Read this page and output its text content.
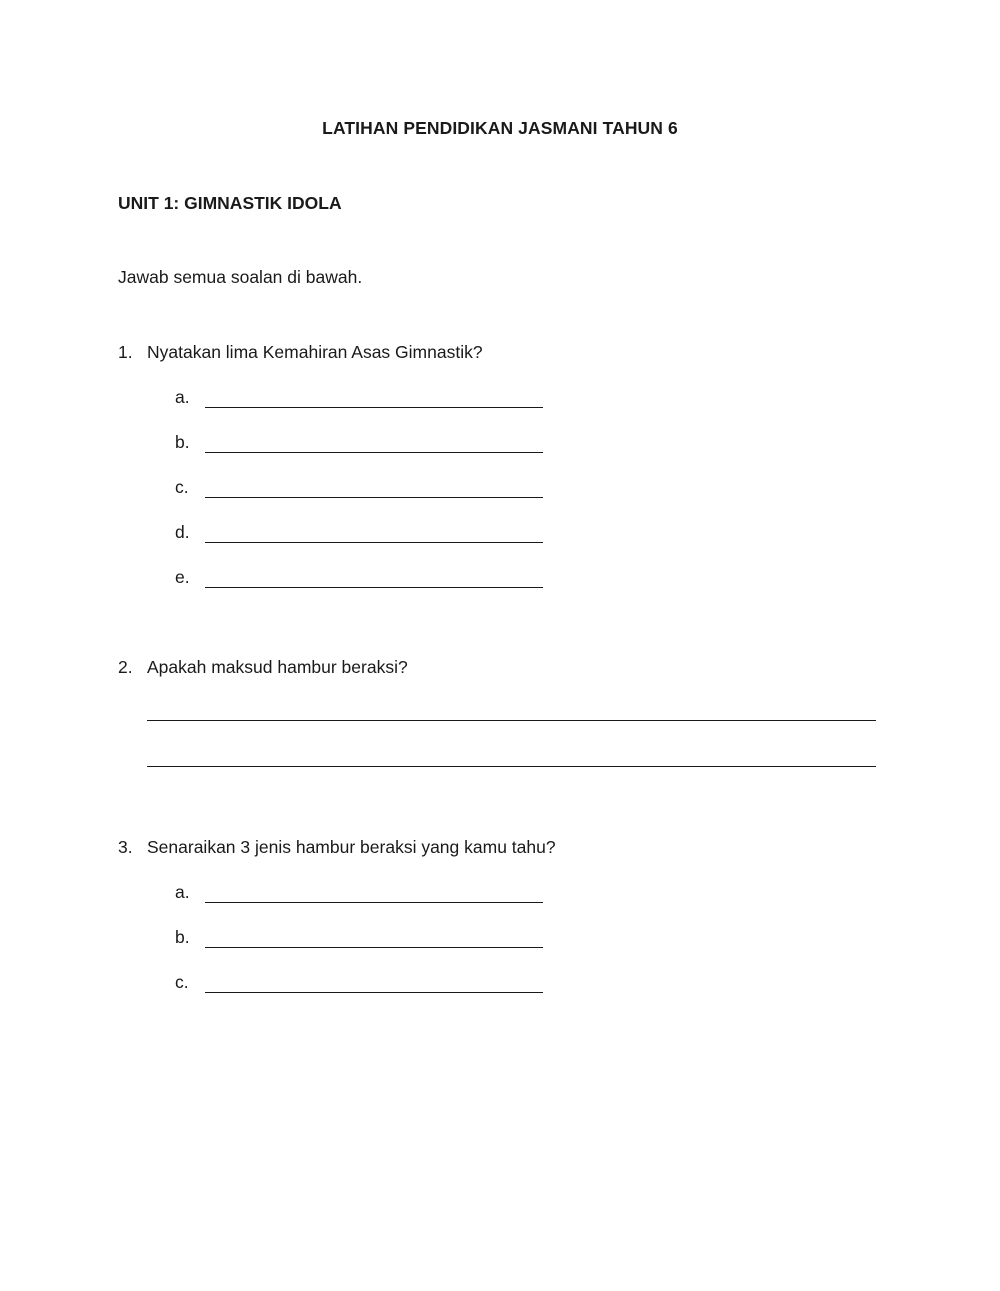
LATIHAN PENDIDIKAN JASMANI TAHUN 6
UNIT 1: GIMNASTIK IDOLA
Jawab semua soalan di bawah.
1. Nyatakan lima Kemahiran Asas Gimnastik?
a.
b.
c.
d.
e.
2. Apakah maksud hambur beraksi?
3. Senaraikan 3 jenis hambur beraksi yang kamu tahu?
a.
b.
c.
